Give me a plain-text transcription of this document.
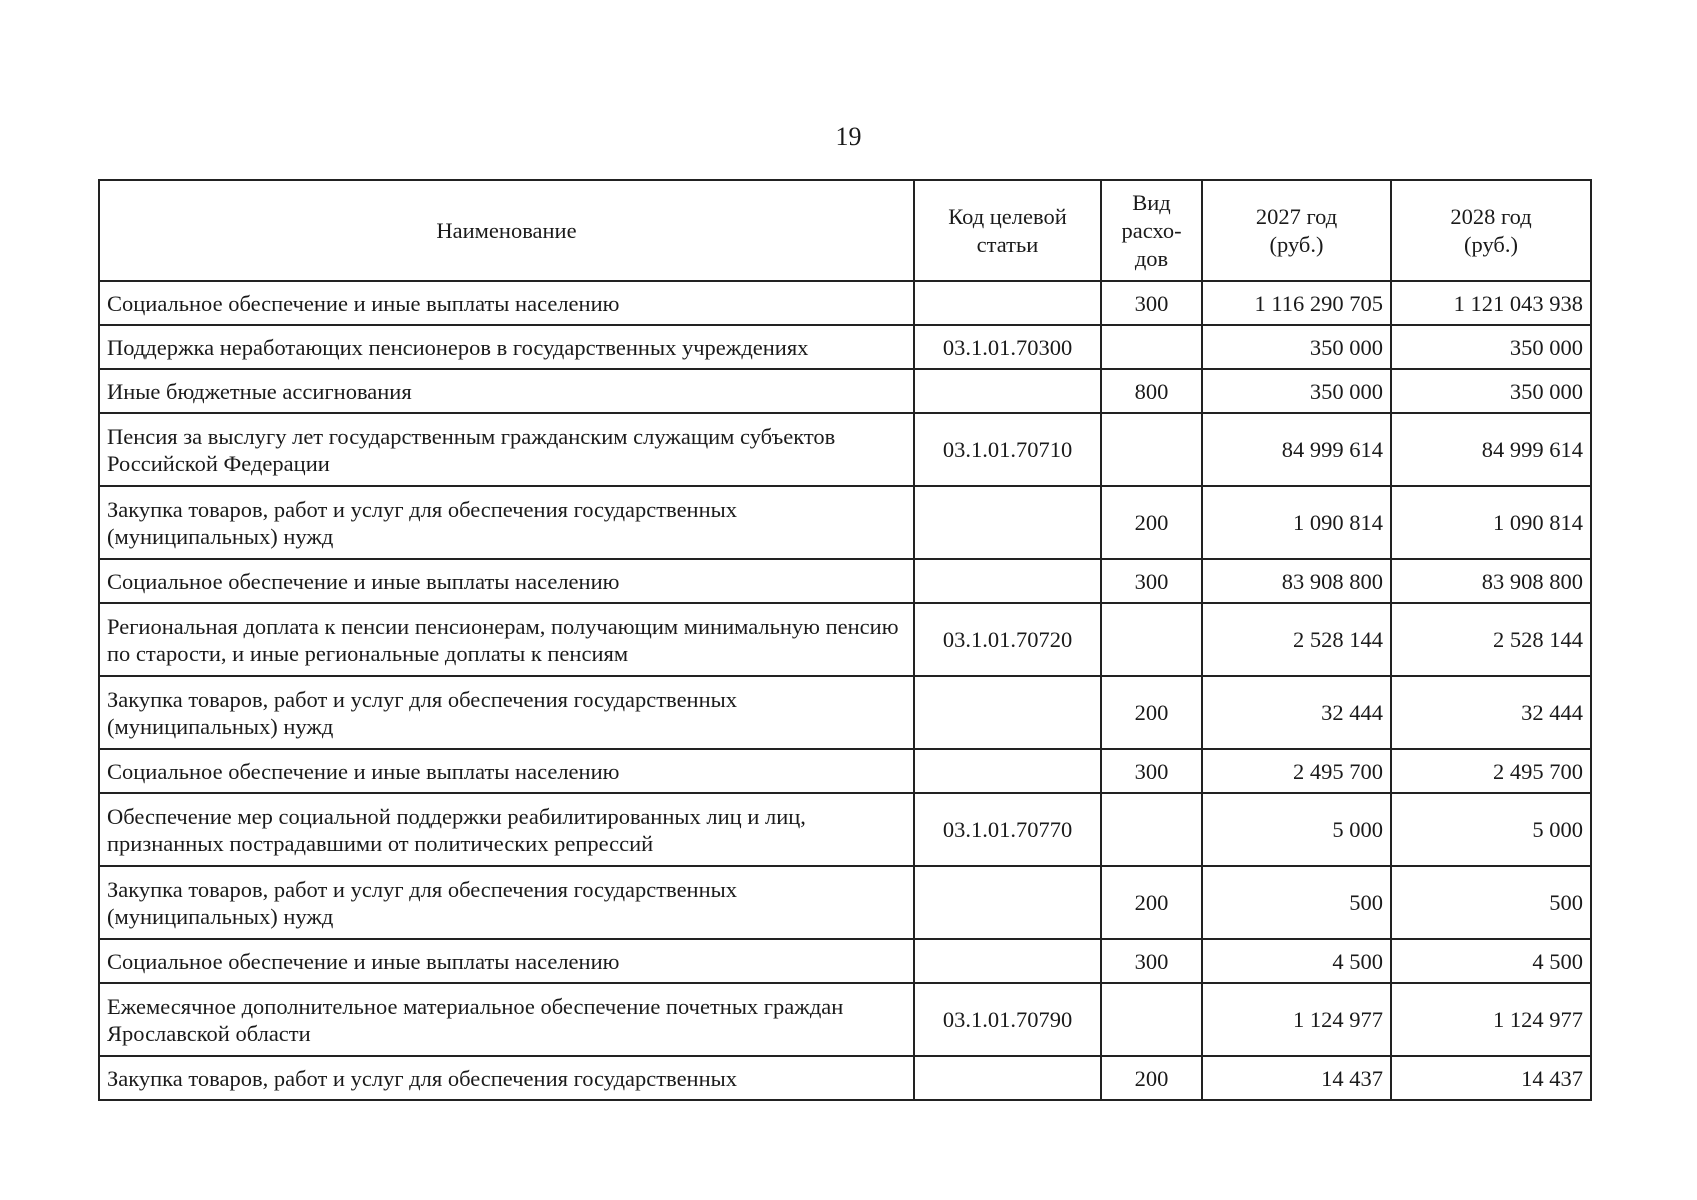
19
Наименование	Код целевой статьи	Вид расхо-дов	2027 год (руб.)	2028 год (руб.)

Социальное обеспечение и иные выплаты населению		300	1 116 290 705	1 121 043 938
Поддержка неработающих пенсионеров в государственных учреждениях	03.1.01.70300		350 000	350 000
Иные бюджетные ассигнования		800	350 000	350 000
Пенсия за выслугу лет государственным гражданским служащим субъектов Российской Федерации	03.1.01.70710		84 999 614	84 999 614
Закупка товаров, работ и услуг для обеспечения государственных (муниципальных) нужд		200	1 090 814	1 090 814
Социальное обеспечение и иные выплаты населению		300	83 908 800	83 908 800
Региональная доплата к пенсии пенсионерам, получающим минимальную пенсию по старости, и иные региональные доплаты к пенсиям	03.1.01.70720		2 528 144	2 528 144
Закупка товаров, работ и услуг для обеспечения государственных (муниципальных) нужд		200	32 444	32 444
Социальное обеспечение и иные выплаты населению		300	2 495 700	2 495 700
Обеспечение мер социальной поддержки реабилитированных лиц и лиц, признанных пострадавшими от политических репрессий	03.1.01.70770		5 000	5 000
Закупка товаров, работ и услуг для обеспечения государственных (муниципальных) нужд		200	500	500
Социальное обеспечение и иные выплаты населению		300	4 500	4 500
Ежемесячное дополнительное материальное обеспечение почетных граждан Ярославской области	03.1.01.70790		1 124 977	1 124 977
Закупка товаров, работ и услуг для обеспечения государственных		200	14 437	14 437
